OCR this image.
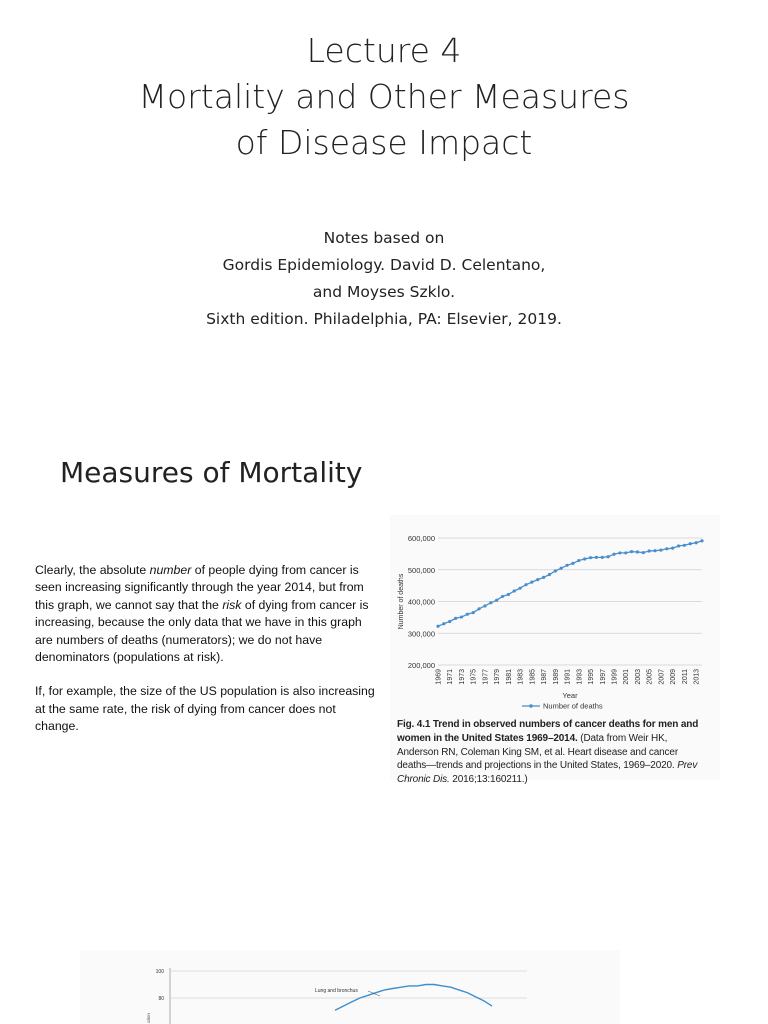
Lecture 4
Mortality and Other Measures
of Disease Impact
Notes based on
Gordis Epidemiology. David D. Celentano,
and Moyses Szklo.
Sixth edition. Philadelphia, PA: Elsevier, 2019.
Measures of Mortality

Clearly, the absolute number of people dying from cancer is seen increasing significantly through the year 2014, but from this graph, we cannot say that the risk of dying from cancer is increasing, because the only data that we have in this graph are numbers of deaths (numerators); we do not have denominators (populations at risk).

If, for example, the size of the US population is also increasing at the same rate, the risk of dying from cancer does not change.

200,000
300,000
400,000
500,000
600,000
Number of deaths
1969 1971 1973 1975 1977 1979 1981 1983 1985 1987 1989 1991 1993 1995 1997 1999 2001 2003 2005 2007 2009 2011 2013
Year
Number of deaths
Fig. 4.1 Trend in observed numbers of cancer deaths for men and women in the United States 1969–2014. (Data from Weir HK, Anderson RN, Coleman King SM, et al. Heart disease and cancer deaths—trends and projections in the United States, 1969–2020. Prev Chronic Dis. 2016;13:160211.)
100
80
ation
Lung and bronchus
